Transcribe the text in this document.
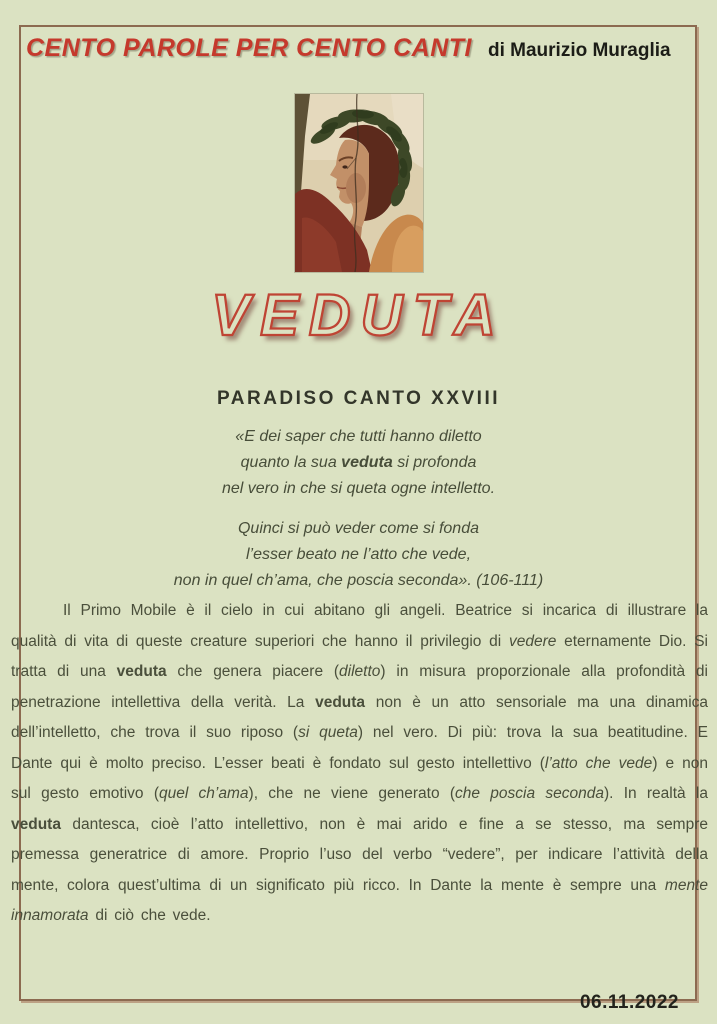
CENTO PAROLE PER CENTO CANTI di Maurizio Muraglia
VEDUTA
PARADISO CANTO XXVIII
«E dei saper che tutti hanno diletto
quanto la sua veduta si profonda
nel vero in che si queta ogne intelletto.
Quinci si può veder come si fonda
l’esser beato ne l’atto che vede,
non in quel ch’ama, che poscia seconda». (106-111)

Il Primo Mobile è il cielo in cui abitano gli angeli. Beatrice si incarica di illustrare la qualità di vita di queste creature superiori che hanno il privilegio di vedere eternamente Dio. Si tratta di una veduta che genera piacere (diletto) in misura proporzionale alla profondità di penetrazione intellettiva della verità. La veduta non è un atto sensoriale ma una dinamica dell’intelletto, che trova il suo riposo (si queta) nel vero. Di più: trova la sua beatitudine. E Dante qui è molto preciso. L’esser beati è fondato sul gesto intellettivo (l’atto che vede) e non sul gesto emotivo (quel ch’ama), che ne viene generato (che poscia seconda). In realtà la veduta dantesca, cioè l’atto intellettivo, non è mai arido e fine a se stesso, ma sempre premessa generatrice di amore. Proprio l’uso del verbo “vedere”, per indicare l’attività della mente, colora quest’ultima di un significato più ricco. In Dante la mente è sempre una mente innamorata di ciò che vede.

06.11.2022
